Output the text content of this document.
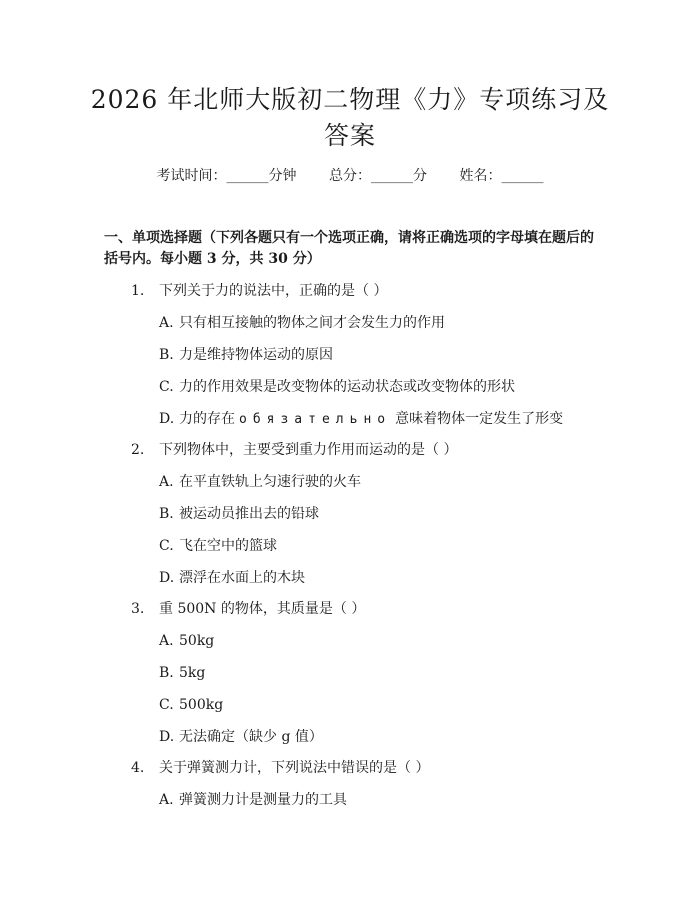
2026 年北师大版初二物理《力》专项练习及
答案
考试时间：______分钟 总分：______分 姓名：______
一、单项选择题（下列各题只有一个选项正确，请将正确选项的字母填在题后的
括号内。每小题 3 分，共 30 分）
1. 下列关于力的说法中，正确的是（ ）
A. 只有相互接触的物体之间才会发生力的作用
B. 力是维持物体运动的原因
C. 力的作用效果是改变物体的运动状态或改变物体的形状
D. 力的存在 обязательно 意味着物体一定发生了形变
2. 下列物体中，主要受到重力作用而运动的是（ ）
A. 在平直铁轨上匀速行驶的火车
B. 被运动员推出去的铅球
C. 飞在空中的篮球
D. 漂浮在水面上的木块
3. 重 500N 的物体，其质量是（ ）
A. 50kg
B. 5kg
C. 500kg
D. 无法确定（缺少 g 值）
4. 关于弹簧测力计，下列说法中错误的是（ ）
A. 弹簧测力计是测量力的工具
